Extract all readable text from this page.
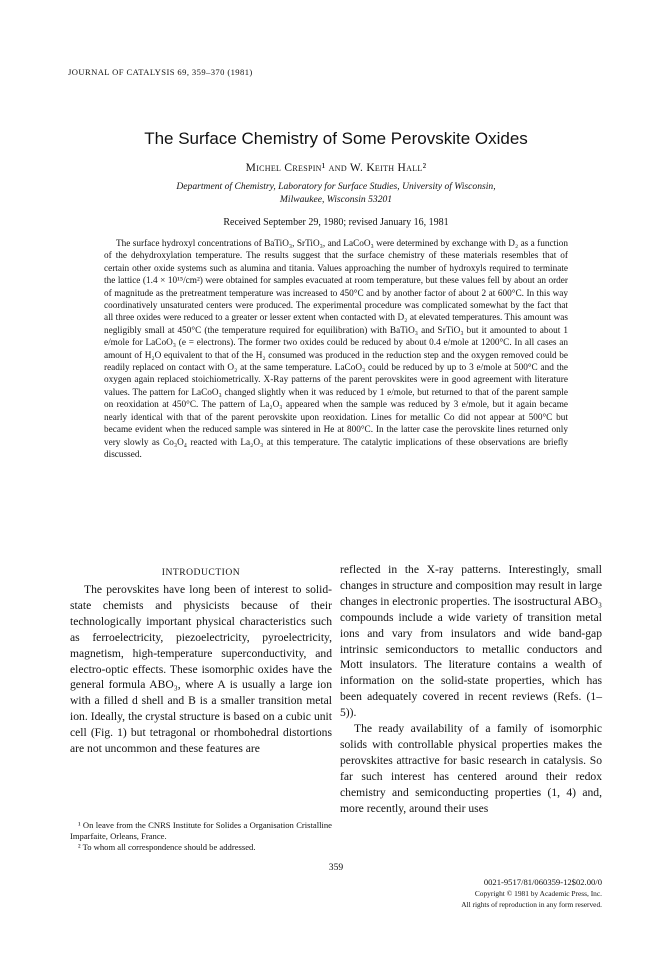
JOURNAL OF CATALYSIS 69, 359–370 (1981)
The Surface Chemistry of Some Perovskite Oxides
Michel Crespin¹ and W. Keith Hall²
Department of Chemistry, Laboratory for Surface Studies, University of Wisconsin,
Milwaukee, Wisconsin 53201
Received September 29, 1980; revised January 16, 1981

The surface hydroxyl concentrations of BaTiO₃, SrTiO₃, and LaCoO₃ were determined by exchange with D₂ as a function of the dehydroxylation temperature. The results suggest that the surface chemistry of these materials resembles that of certain other oxide systems such as alumina and titania. Values approaching the number of hydroxyls required to terminate the lattice (1.4 × 10¹⁵/cm²) were obtained for samples evacuated at room temperature, but these values fell by about an order of magnitude as the pretreatment temperature was increased to 450°C and by another factor of about 2 at 600°C. In this way coordinatively unsaturated centers were produced. The experimental procedure was complicated somewhat by the fact that all three oxides were reduced to a greater or lesser extent when contacted with D₂ at elevated temperatures. This amount was negligibly small at 450°C (the temperature required for equilibration) with BaTiO₃ and SrTiO₃ but it amounted to about 1 e/mole for LaCoO₃ (e = electrons). The former two oxides could be reduced by about 0.4 e/mole at 1200°C. In all cases an amount of H₂O equivalent to that of the H₂ consumed was produced in the reduction step and the oxygen removed could be readily replaced on contact with O₂ at the same temperature. LaCoO₃ could be reduced by up to 3 e/mole at 500°C and the oxygen again replaced stoichiometrically. X-Ray patterns of the parent perovskites were in good agreement with literature values. The pattern for LaCoO₃ changed slightly when it was reduced by 1 e/mole, but returned to that of the parent sample on reoxidation at 450°C. The pattern of La₂O₃ appeared when the sample was reduced by 3 e/mole, but it again became nearly identical with that of the parent perovskite upon reoxidation. Lines for metallic Co did not appear at 500°C but became evident when the reduced sample was sintered in He at 800°C. In the latter case the perovskite lines returned only very slowly as Co₃O₄ reacted with La₂O₃ at this temperature. The catalytic implications of these observations are briefly discussed.

INTRODUCTION

The perovskites have long been of interest to solid-state chemists and physicists because of their technologically important physical characteristics such as ferroelectricity, piezoelectricity, pyroelectricity, magnetism, high-temperature superconductivity, and electro-optic effects. These isomorphic oxides have the general formula ABO₃, where A is usually a large ion with a filled d shell and B is a smaller transition metal ion. Ideally, the crystal structure is based on a cubic unit cell (Fig. 1) but tetragonal or rhombohedral distortions are not uncommon and these features are

reflected in the X-ray patterns. Interestingly, small changes in structure and composition may result in large changes in electronic properties. The isostructural ABO₃ compounds include a wide variety of transition metal ions and vary from insulators and wide band-gap intrinsic semiconductors to metallic conductors and Mott insulators. The literature contains a wealth of information on the solid-state properties, which has been adequately covered in recent reviews (Refs. (1–5)).

The ready availability of a family of isomorphic solids with controllable physical properties makes the perovskites attractive for basic research in catalysis. So far such interest has centered around their redox chemistry and semiconducting properties (1, 4) and, more recently, around their uses

¹ On leave from the CNRS Institute for Solides a Organisation Cristalline Imparfaite, Orleans, France.

² To whom all correspondence should be addressed.

359
0021-9517/81/060359-12$02.00/0
Copyright © 1981 by Academic Press, Inc.
All rights of reproduction in any form reserved.
